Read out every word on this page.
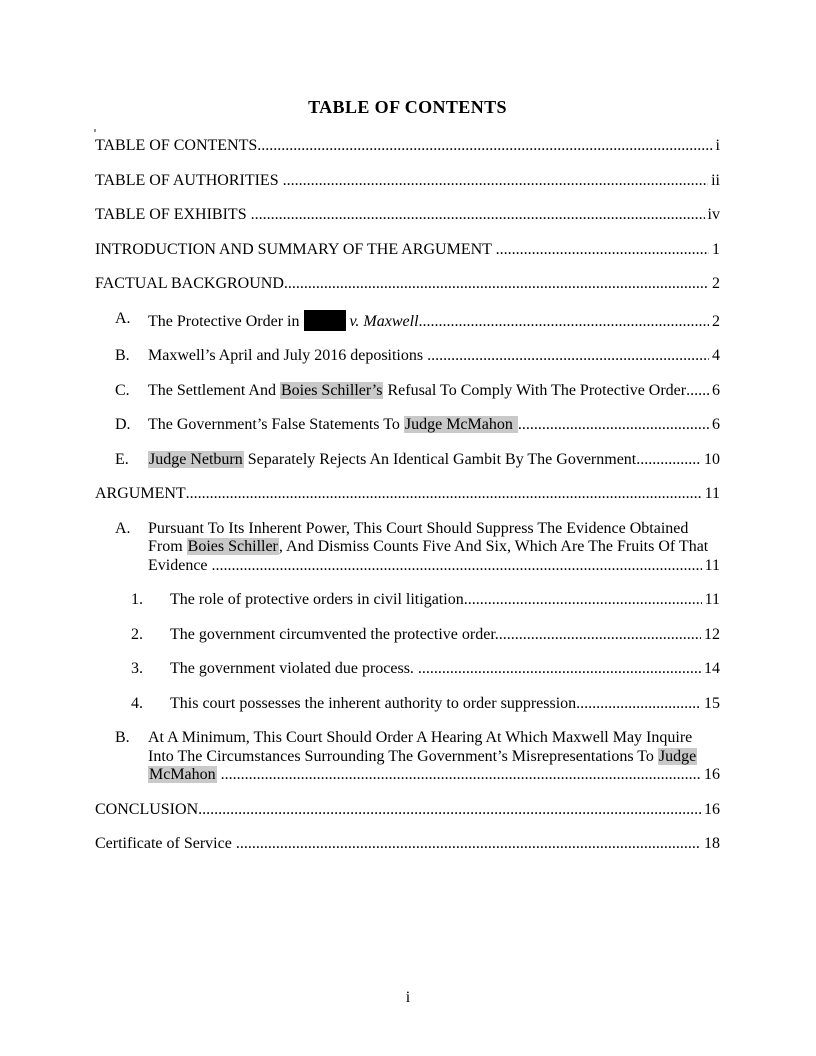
TABLE OF CONTENTS
TABLE OF CONTENTS .....	i
TABLE OF AUTHORITIES .....	ii
TABLE OF EXHIBITS .....	iv
INTRODUCTION AND SUMMARY OF THE ARGUMENT .....	1
FACTUAL BACKGROUND .....	2
A. The Protective Order in	v. Maxwell .....	2
B. Maxwell’s April and July 2016 depositions .....	4
C. The Settlement And Boies Schiller’s Refusal To Comply With The Protective Order ..... 6
D. The Government’s False Statements To Judge McMahon .....	6
E. Judge Netburn Separately Rejects An Identical Gambit By The Government .....	10
ARGUMENT .....	11
A. Pursuant To Its Inherent Power, This Court Should Suppress The Evidence Obtained
From Boies Schiller, And Dismiss Counts Five And Six, Which Are The Fruits Of That
Evidence .....	11
1. The role of protective orders in civil litigation. .....	11
2. The government circumvented the protective order. .....	12
3. The government violated due process. .....	14
4. This court possesses the inherent authority to order suppression. .....	15
B. At A Minimum, This Court Should Order A Hearing At Which Maxwell May Inquire
Into The Circumstances Surrounding The Government’s Misrepresentations To Judge
McMahon .....	16
CONCLUSION .....	16
Certificate of Service .....	18
i
